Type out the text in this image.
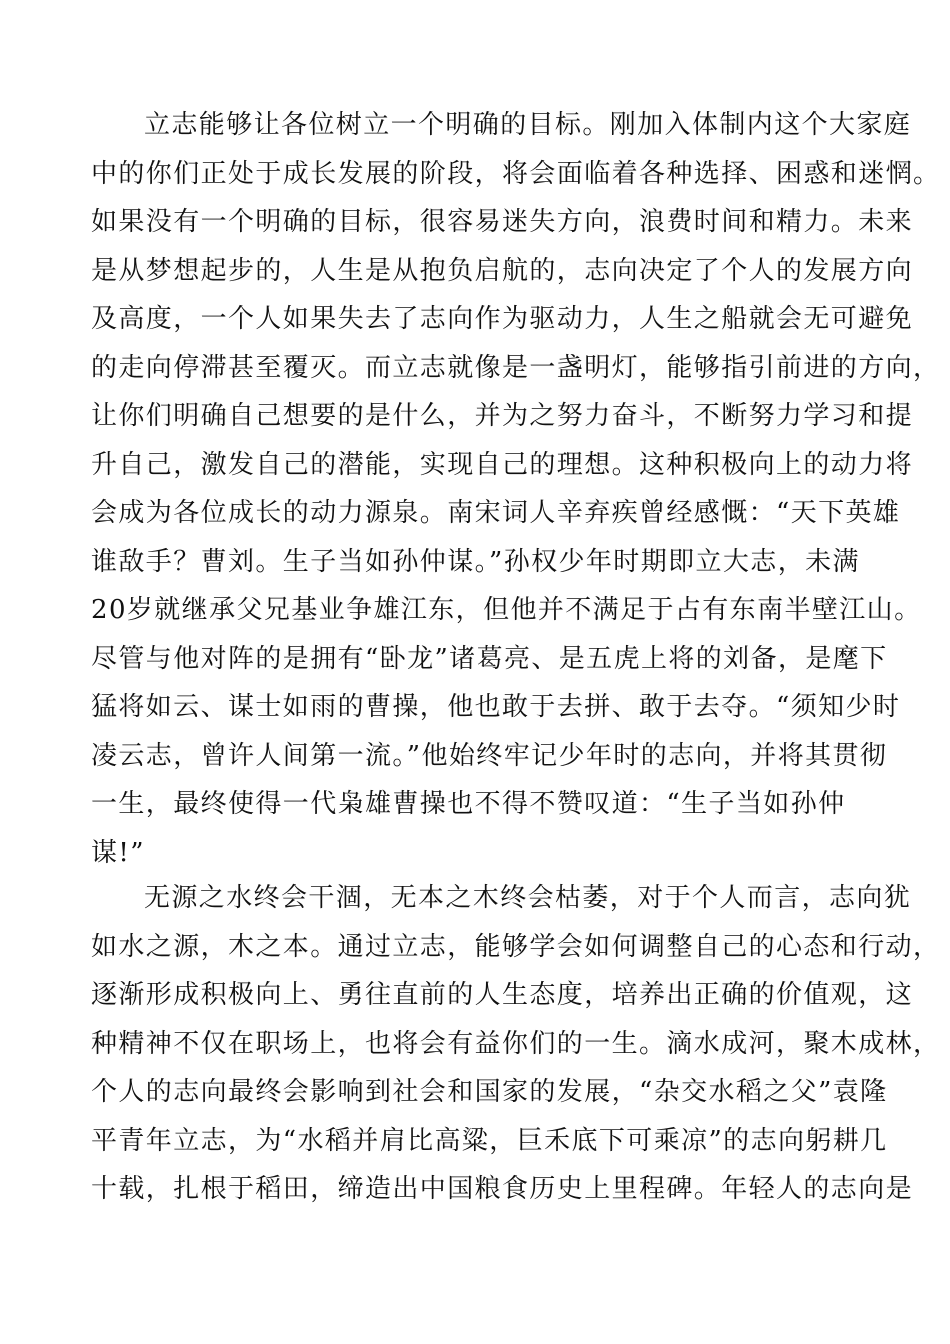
立志能够让各位树立一个明确的目标。刚加入体制内这个大家庭
中的你们正处于成长发展的阶段，将会面临着各种选择、困惑和迷惘。
如果没有一个明确的目标，很容易迷失方向，浪费时间和精力。未来
是从梦想起步的，人生是从抱负启航的，志向决定了个人的发展方向
及高度，一个人如果失去了志向作为驱动力，人生之船就会无可避免
的走向停滞甚至覆灭。而立志就像是一盏明灯，能够指引前进的方向，
让你们明确自己想要的是什么，并为之努力奋斗，不断努力学习和提
升自己，激发自己的潜能，实现自己的理想。这种积极向上的动力将
会成为各位成长的动力源泉。南宋词人辛弃疾曾经感慨：“天下英雄
谁敌手？曹刘。生子当如孙仲谋。”孙权少年时期即立大志，未满
20岁就继承父兄基业争雄江东，但他并不满足于占有东南半壁江山。
尽管与他对阵的是拥有“卧龙”诸葛亮、是五虎上将的刘备，是麾下
猛将如云、谋士如雨的曹操，他也敢于去拼、敢于去夺。“须知少时
凌云志，曾许人间第一流。”他始终牢记少年时的志向，并将其贯彻
一生，最终使得一代枭雄曹操也不得不赞叹道：“生子当如孙仲
谋!”
无源之水终会干涸，无本之木终会枯萎，对于个人而言，志向犹
如水之源，木之本。通过立志，能够学会如何调整自己的心态和行动，
逐渐形成积极向上、勇往直前的人生态度，培养出正确的价值观，这
种精神不仅在职场上，也将会有益你们的一生。滴水成河，聚木成林，
个人的志向最终会影响到社会和国家的发展，“杂交水稻之父”袁隆
平青年立志，为“水稻并肩比高粱，巨禾底下可乘凉”的志向躬耕几
十载，扎根于稻田，缔造出中国粮食历史上里程碑。年轻人的志向是
